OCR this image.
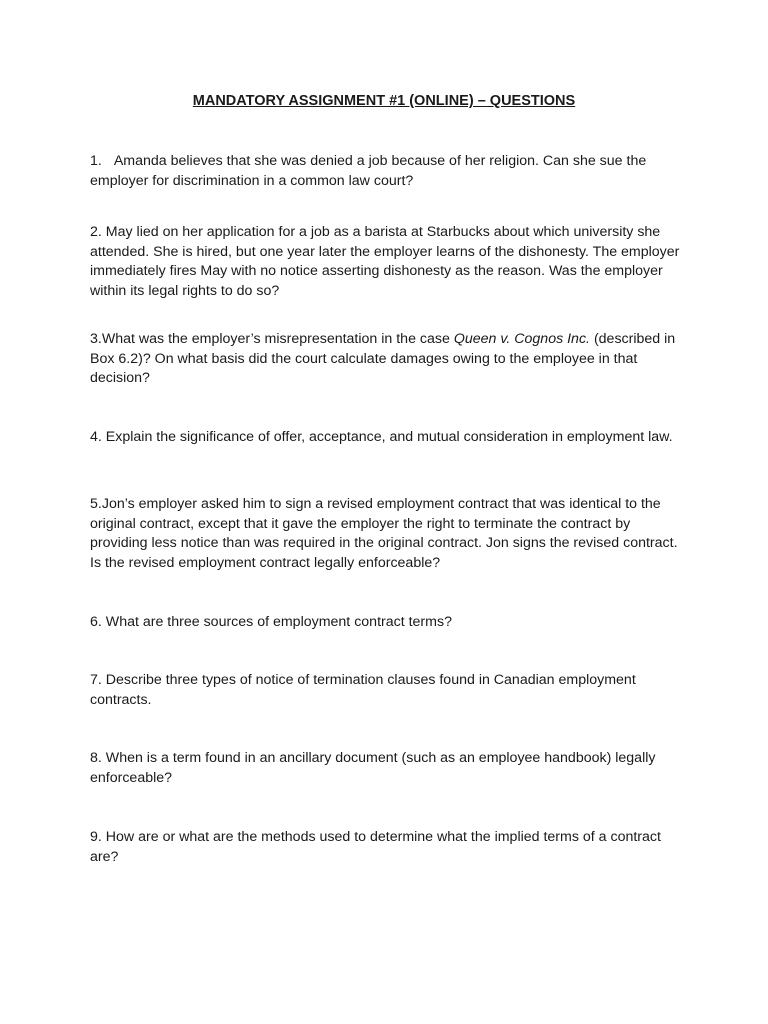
MANDATORY ASSIGNMENT #1 (ONLINE) – QUESTIONS

1. Amanda believes that she was denied a job because of her religion. Can she sue the employer for discrimination in a common law court?

2. May lied on her application for a job as a barista at Starbucks about which university she attended. She is hired, but one year later the employer learns of the dishonesty. The employer immediately fires May with no notice asserting dishonesty as the reason. Was the employer within its legal rights to do so?

3.What was the employer’s misrepresentation in the case Queen v. Cognos Inc. (described in Box 6.2)? On what basis did the court calculate damages owing to the employee in that decision?

4. Explain the significance of offer, acceptance, and mutual consideration in employment law.

5.Jon’s employer asked him to sign a revised employment contract that was identical to the original contract, except that it gave the employer the right to terminate the contract by providing less notice than was required in the original contract. Jon signs the revised contract. Is the revised employment contract legally enforceable?

6. What are three sources of employment contract terms?

7. Describe three types of notice of termination clauses found in Canadian employment contracts.

8. When is a term found in an ancillary document (such as an employee handbook) legally enforceable?

9. How are or what are the methods used to determine what the implied terms of a contract are?
